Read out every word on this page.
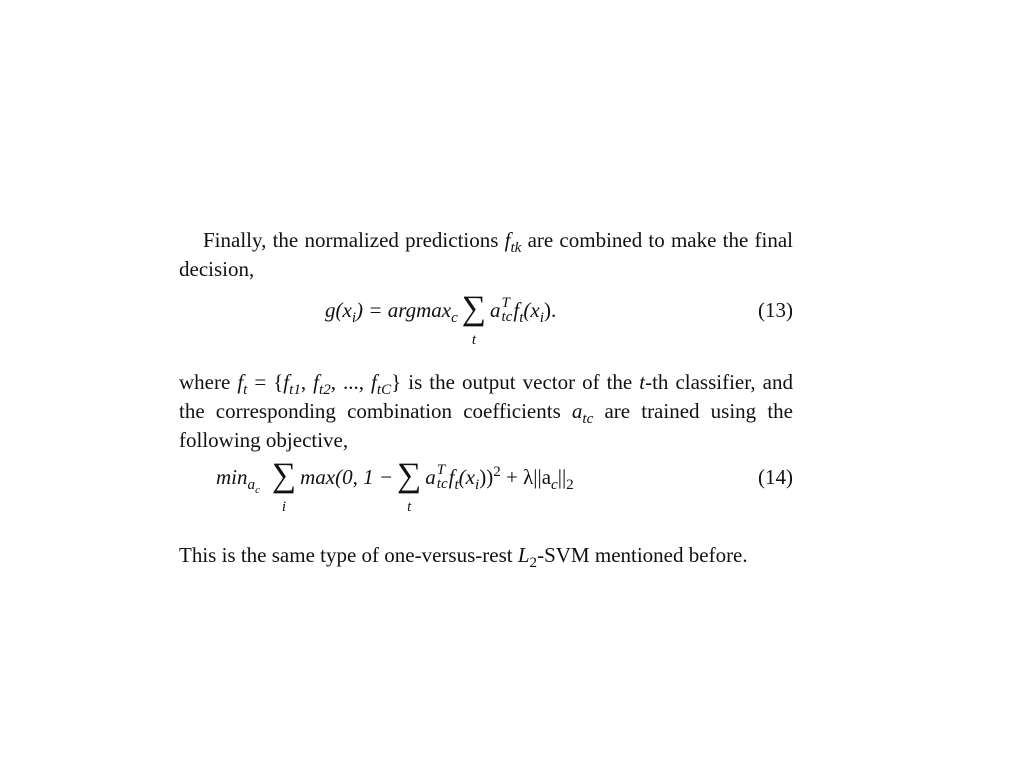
Finally, the normalized predictions $f_{tk}$ are combined to make the final decision,

$g(x_i) = argmax_c$ ∑
t
a T
tc $f_t(x_i)$.	(13)

where $f_t = \{f_{t1}$, $f_{t2}$, ..., $f_{tC}$} is the output vector of the t-th classifier, and the corresponding combination coefficients $a_{tc}$ are trained using the following objective,

$\min_{a_c}$ ∑
i
max(0, 1 − ∑
t
a T
tc $f_t(x_i))^2 + \lambda||a_c||_2$	(14)

This is the same type of one-versus-rest $L_2$-SVM mentioned before.
